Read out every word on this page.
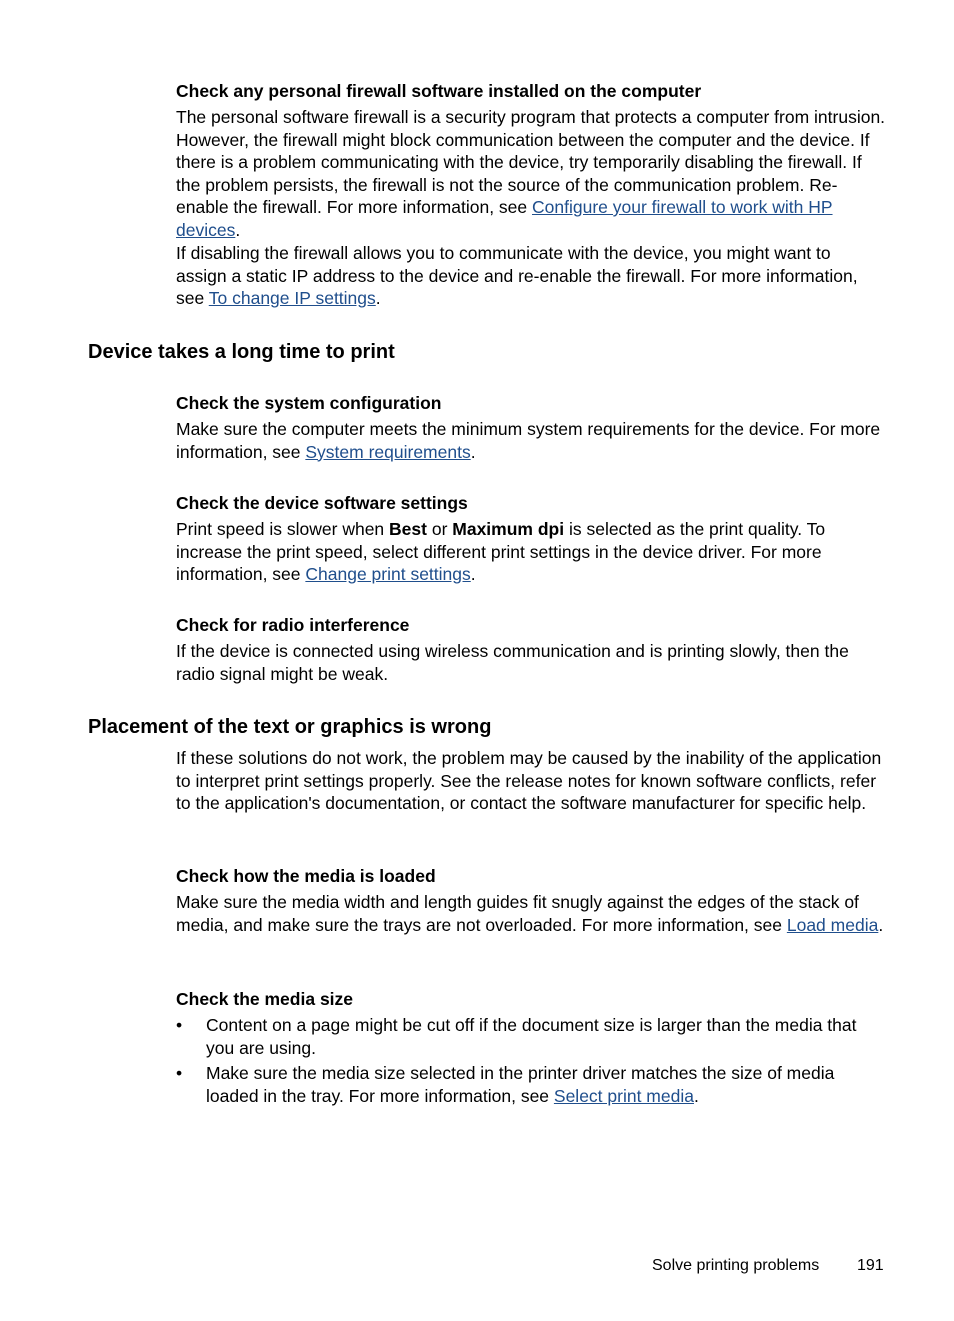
Check any personal firewall software installed on the computer

The personal software firewall is a security program that protects a computer from intrusion. However, the firewall might block communication between the computer and the device. If there is a problem communicating with the device, try temporarily disabling the firewall. If the problem persists, the firewall is not the source of the communication problem. Re-enable the firewall. For more information, see Configure your firewall to work with HP devices.

If disabling the firewall allows you to communicate with the device, you might want to assign a static IP address to the device and re-enable the firewall. For more information, see To change IP settings.

Device takes a long time to print
Check the system configuration

Make sure the computer meets the minimum system requirements for the device. For more information, see System requirements.

Check the device software settings

Print speed is slower when Best or Maximum dpi is selected as the print quality. To increase the print speed, select different print settings in the device driver. For more information, see Change print settings.

Check for radio interference

If the device is connected using wireless communication and is printing slowly, then the radio signal might be weak.

Placement of the text or graphics is wrong

If these solutions do not work, the problem may be caused by the inability of the application to interpret print settings properly. See the release notes for known software conflicts, refer to the application's documentation, or contact the software manufacturer for specific help.

Check how the media is loaded

Make sure the media width and length guides fit snugly against the edges of the stack of media, and make sure the trays are not overloaded. For more information, see Load media.

Check the media size
• Content on a page might be cut off if the document size is larger than the media that you are using.
• Make sure the media size selected in the printer driver matches the size of media loaded in the tray. For more information, see Select print media.
Solve printing problems 191
